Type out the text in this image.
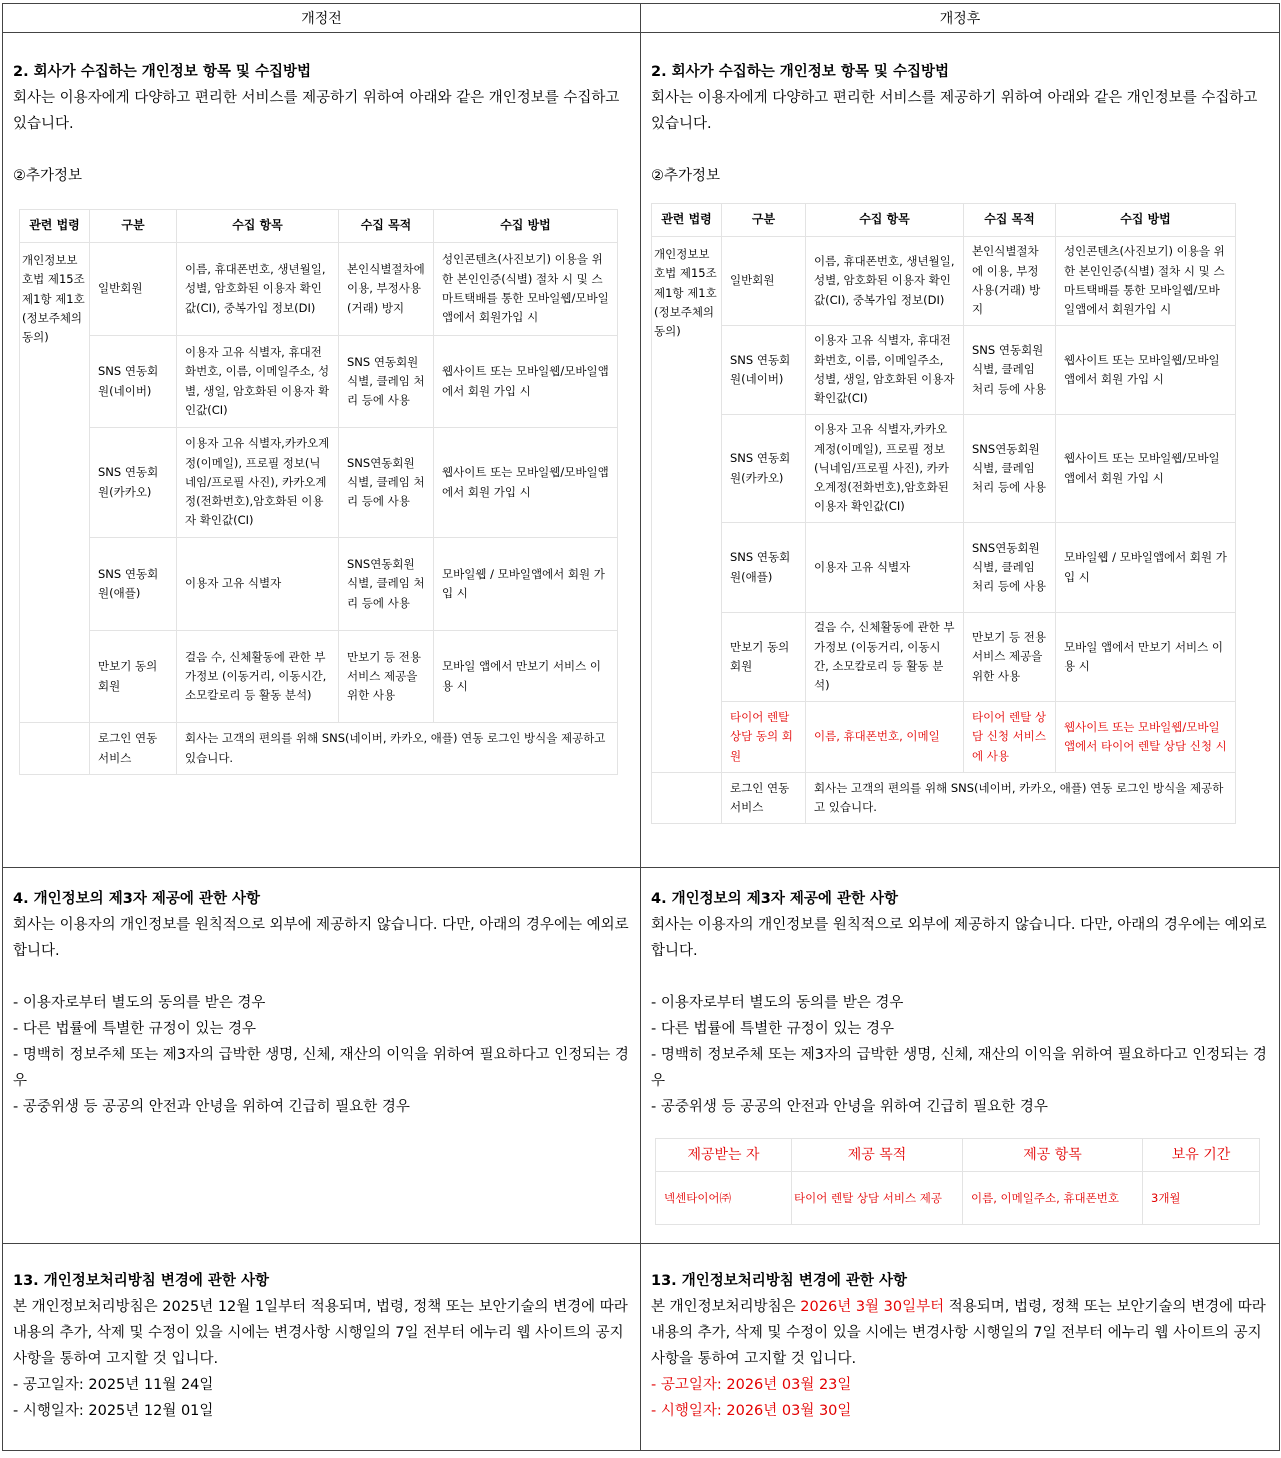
개정전	개정후

2. 회사가 수집하는 개인정보 항목 및 수집방법
회사는 이용자에게 다양하고 편리한 서비스를 제공하기 위하여 아래와 같은 개인정보를 수집하고 있습니다.
②추가정보
관련 법령	구분	수집 항목	수집 목적	수집 방법
개인정보보호법 제15조 제1항 제1호 (정보주체의 동의)	일반회원	이름, 휴대폰번호, 생년월일, 성별, 암호화된 이용자 확인값(CI), 중복가입 정보(DI)	본인식별절차에 이용, 부정사용(거래) 방지	성인콘텐츠(사진보기) 이용을 위한 본인인증(식별) 절차 시 및 스마트택배를 통한 모바일웹/모바일앱에서 회원가입 시
SNS 연동회원(네이버)	이용자 고유 식별자, 휴대전화번호, 이름, 이메일주소, 성별, 생일, 암호화된 이용자 확인값(CI)	SNS 연동회원 식별, 클레임 처리 등에 사용	웹사이트 또는 모바일웹/모바일앱에서 회원 가입 시
SNS 연동회원(카카오)	이용자 고유 식별자,카카오계정(이메일), 프로필 정보(닉네임/프로필 사진), 카카오계정(전화번호),암호화된 이용자 확인값(CI)	SNS연동회원 식별, 클레임 처리 등에 사용	웹사이트 또는 모바일웹/모바일앱에서 회원 가입 시
SNS 연동회원(애플)	이용자 고유 식별자	SNS연동회원 식별, 클레임 처리 등에 사용	모바일웹 / 모바일앱에서 회원 가입 시
만보기 동의 회원	걸음 수, 신체활동에 관한 부가정보 (이동거리, 이동시간, 소모칼로리 등 활동 분석)	만보기 등 전용 서비스 제공을 위한 사용	모바일 앱에서 만보기 서비스 이용 시
	로그인 연동 서비스	회사는 고객의 편의를 위해 SNS(네이버, 카카오, 애플) 연동 로그인 방식을 제공하고 있습니다.

2. 회사가 수집하는 개인정보 항목 및 수집방법
회사는 이용자에게 다양하고 편리한 서비스를 제공하기 위하여 아래와 같은 개인정보를 수집하고 있습니다.
②추가정보
관련 법령	구분	수집 항목	수집 목적	수집 방법
개인정보보호법 제15조 제1항 제1호 (정보주체의 동의)	일반회원	이름, 휴대폰번호, 생년월일, 성별, 암호화된 이용자 확인값(CI), 중복가입 정보(DI)	본인식별절차에 이용, 부정사용(거래) 방지	성인콘텐츠(사진보기) 이용을 위한 본인인증(식별) 절차 시 및 스마트택배를 통한 모바일웹/모바일앱에서 회원가입 시
SNS 연동회원(네이버)	이용자 고유 식별자, 휴대전화번호, 이름, 이메일주소, 성별, 생일, 암호화된 이용자 확인값(CI)	SNS 연동회원 식별, 클레임 처리 등에 사용	웹사이트 또는 모바일웹/모바일앱에서 회원 가입 시
SNS 연동회원(카카오)	이용자 고유 식별자,카카오계정(이메일), 프로필 정보(닉네임/프로필 사진), 카카오계정(전화번호),암호화된 이용자 확인값(CI)	SNS연동회원 식별, 클레임 처리 등에 사용	웹사이트 또는 모바일웹/모바일앱에서 회원 가입 시
SNS 연동회원(애플)	이용자 고유 식별자	SNS연동회원 식별, 클레임 처리 등에 사용	모바일웹 / 모바일앱에서 회원 가입 시
만보기 동의 회원	걸음 수, 신체활동에 관한 부가정보 (이동거리, 이동시간, 소모칼로리 등 활동 분석)	만보기 등 전용 서비스 제공을 위한 사용	모바일 앱에서 만보기 서비스 이용 시
타이어 렌탈 상담 동의 회원	이름, 휴대폰번호, 이메일	타이어 렌탈 상담 신청 서비스에 사용	웹사이트 또는 모바일웹/모바일앱에서 타이어 렌탈 상담 신청 시
	로그인 연동 서비스	회사는 고객의 편의를 위해 SNS(네이버, 카카오, 애플) 연동 로그인 방식을 제공하고 있습니다.

4. 개인정보의 제3자 제공에 관한 사항
회사는 이용자의 개인정보를 원칙적으로 외부에 제공하지 않습니다. 다만, 아래의 경우에는 예외로 합니다.
- 이용자로부터 별도의 동의를 받은 경우
- 다른 법률에 특별한 규정이 있는 경우
- 명백히 정보주체 또는 제3자의 급박한 생명, 신체, 재산의 이익을 위하여 필요하다고 인정되는 경우
- 공중위생 등 공공의 안전과 안녕을 위하여 긴급히 필요한 경우

4. 개인정보의 제3자 제공에 관한 사항
회사는 이용자의 개인정보를 원칙적으로 외부에 제공하지 않습니다. 다만, 아래의 경우에는 예외로 합니다.
- 이용자로부터 별도의 동의를 받은 경우
- 다른 법률에 특별한 규정이 있는 경우
- 명백히 정보주체 또는 제3자의 급박한 생명, 신체, 재산의 이익을 위하여 필요하다고 인정되는 경우
- 공중위생 등 공공의 안전과 안녕을 위하여 긴급히 필요한 경우
제공받는 자	제공 목적	제공 항목	보유 기간
넥센타이어㈜	타이어 렌탈 상담 서비스 제공	이름, 이메일주소, 휴대폰번호	3개월

13. 개인정보처리방침 변경에 관한 사항
본 개인정보처리방침은 2025년 12월 1일부터 적용되며, 법령, 정책 또는 보안기술의 변경에 따라 내용의 추가, 삭제 및 수정이 있을 시에는 변경사항 시행일의 7일 전부터 에누리 웹 사이트의 공지사항을 통하여 고지할 것 입니다.
- 공고일자: 2025년 11월 24일
- 시행일자: 2025년 12월 01일

13. 개인정보처리방침 변경에 관한 사항
본 개인정보처리방침은 2026년 3월 30일부터 적용되며, 법령, 정책 또는 보안기술의 변경에 따라 내용의 추가, 삭제 및 수정이 있을 시에는 변경사항 시행일의 7일 전부터 에누리 웹 사이트의 공지사항을 통하여 고지할 것 입니다.
- 공고일자: 2026년 03월 23일
- 시행일자: 2026년 03월 30일
